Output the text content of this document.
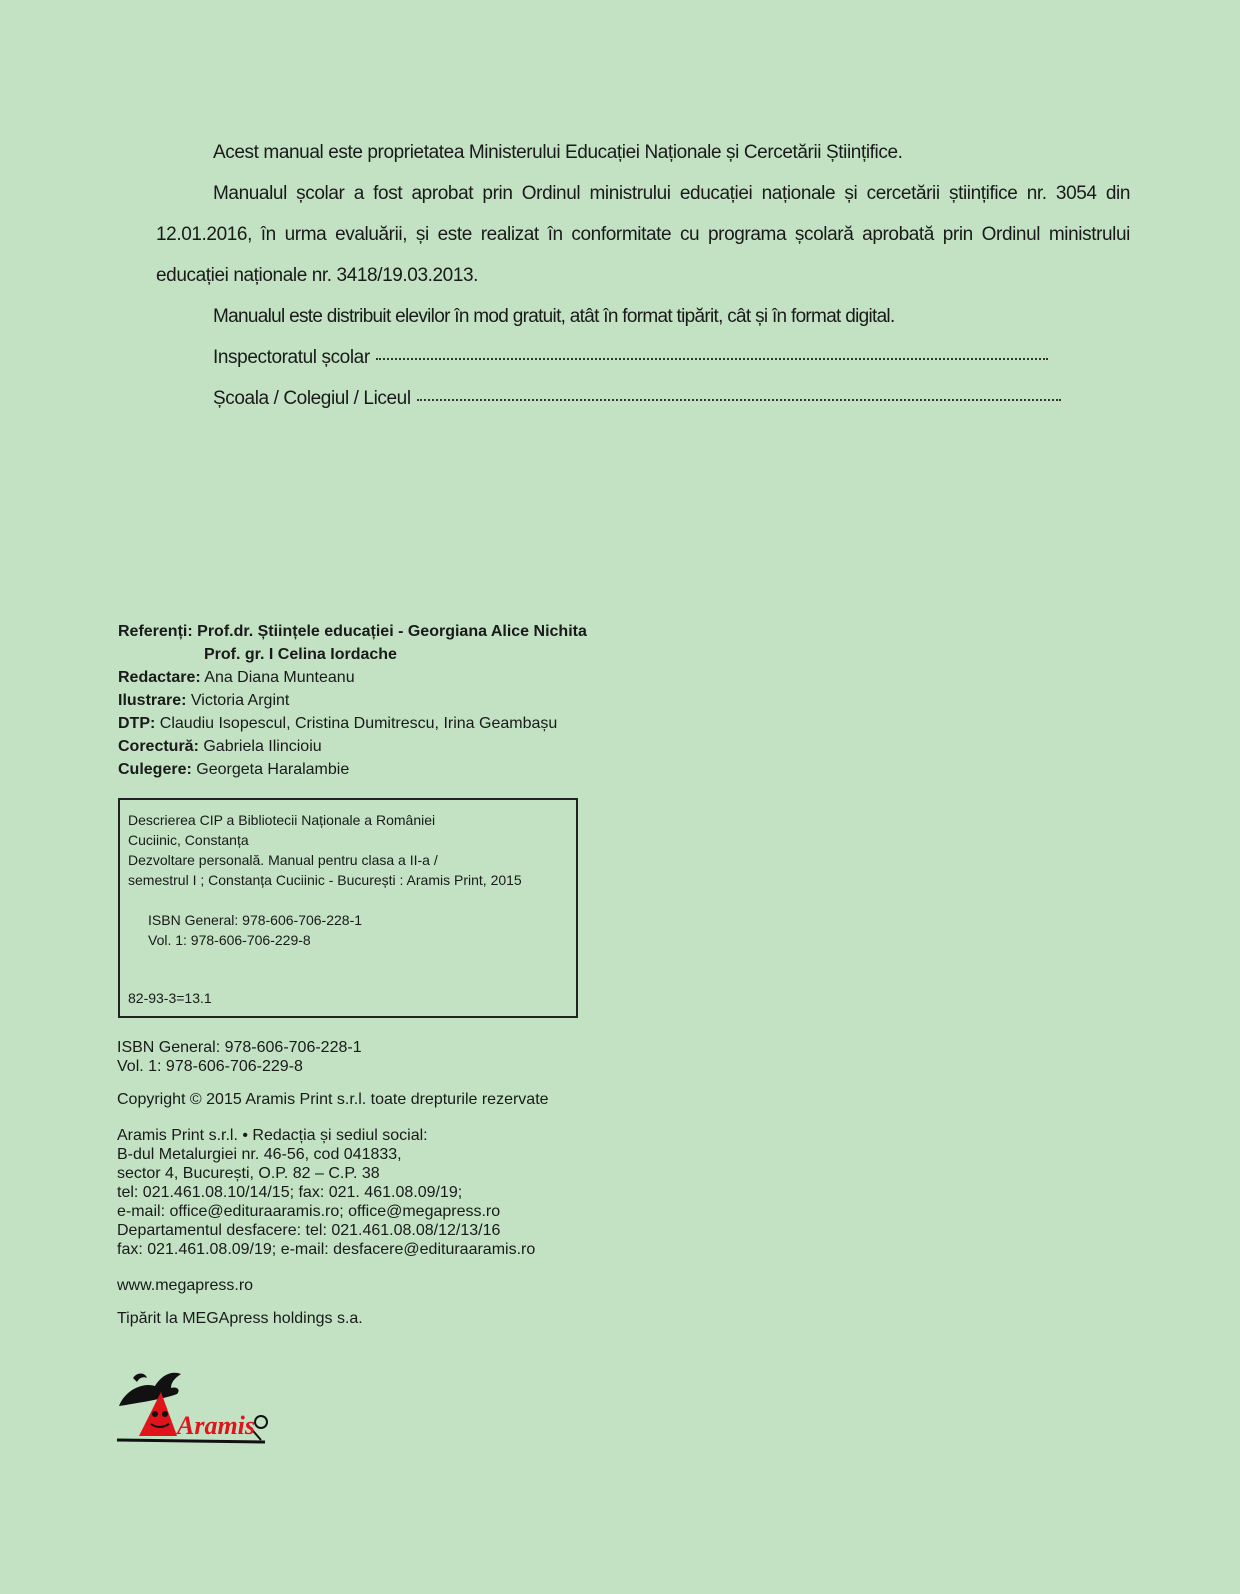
Acest manual este proprietatea Ministerului Educației Naționale și Cercetării Științifice.

Manualul școlar a fost aprobat prin Ordinul ministrului educației naționale și cercetării științifice nr. 3054 din 12.01.2016, în urma evaluării, și este realizat în conformitate cu programa școlară aprobată prin Ordinul ministrului educației naționale nr. 3418/19.03.2013.

Manualul este distribuit elevilor în mod gratuit, atât în format tipărit, cât și în format digital.

Inspectoratul școlar
Școala / Colegiul / Liceul
Referenți: Prof.dr. Științele educației - Georgiana Alice Nichita
Prof. gr. I Celina Iordache
Redactare: Ana Diana Munteanu
Ilustrare: Victoria Argint
DTP: Claudiu Isopescul, Cristina Dumitrescu, Irina Geambașu
Corectură: Gabriela Ilincioiu
Culegere: Georgeta Haralambie
Descrierea CIP a Bibliotecii Naționale a României
Cuciinic, Constanța
Dezvoltare personală. Manual pentru clasa a II-a /
semestrul I ; Constanța Cuciinic - București : Aramis Print, 2015
ISBN General: 978-606-706-228-1
Vol. 1: 978-606-706-229-8
82-93-3=13.1
ISBN General: 978-606-706-228-1
Vol. 1: 978-606-706-229-8
Copyright © 2015 Aramis Print s.r.l. toate drepturile rezervate
Aramis Print s.r.l. • Redacția și sediul social:
B-dul Metalurgiei nr. 46-56, cod 041833,
sector 4, București, O.P. 82 – C.P. 38
tel: 021.461.08.10/14/15; fax: 021. 461.08.09/19;
e-mail: office@edituraaramis.ro; office@megapress.ro
Departamentul desfacere: tel: 021.461.08.08/12/13/16
fax: 021.461.08.09/19; e-mail: desfacere@edituraaramis.ro
www.megapress.ro
Tipărit la MEGApress holdings s.a.
Aramis
